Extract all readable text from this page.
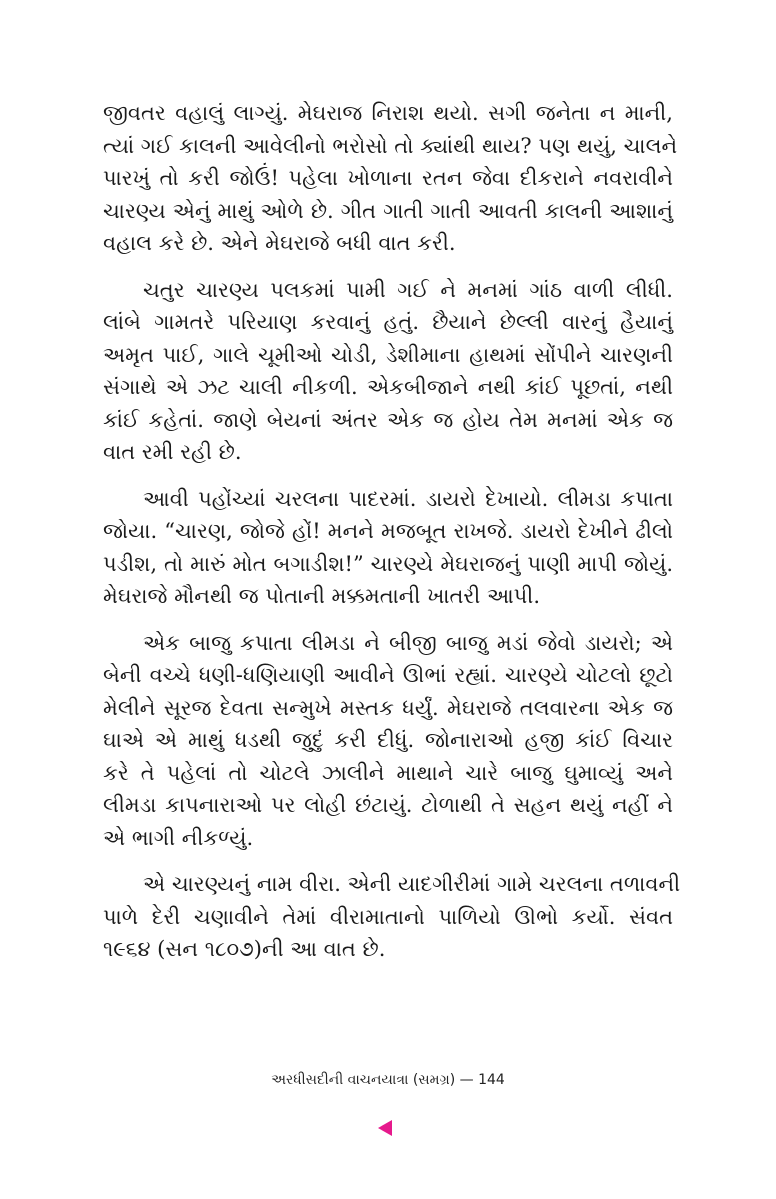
જીવતર વહાલું લાગ્યું. મેઘરાજ નિરાશ થયો. સગી જનેતા ન માની,
ત્યાં ગઈ કાલની આવેલીનો ભરોસો તો ક્યાંથી થાય? પણ થયું, ચાલને
પારખું તો કરી જોઉં! પહેલા ખોળાના રતન જેવા દીકરાને નવરાવીને
ચારણ્ય એનું માથું ઓળે છે. ગીત ગાતી ગાતી આવતી કાલની આશાનું
વહાલ કરે છે. એને મેઘરાજે બધી વાત કરી.
ચતુર ચારણ્ય પલકમાં પામી ગઈ ને મનમાં ગાંઠ વાળી લીધી.
લાંબે ગામતરે પરિયાણ કરવાનું હતું. છૈયાને છેલ્લી વારનું હૈયાનું
અમૃત પાઈ, ગાલે ચૂમીઓ ચોડી, ડેશીમાના હાથમાં સોંપીને ચારણની
સંગાથે એ ઝટ ચાલી નીકળી. એકબીજાને નથી કાંઈ પૂછતાં, નથી
કાંઈ કહેતાં. જાણે બેયનાં અંતર એક જ હોય તેમ મનમાં એક જ
વાત રમી રહી છે.
આવી પહોંચ્યાં ચરલના પાદરમાં. ડાયરો દેખાયો. લીમડા કપાતા
જોયા. “ચારણ, જોજે હોં! મનને મજબૂત રાખજે. ડાયરો દેખીને ઢીલો
પડીશ, તો મારું મોત બગાડીશ!” ચારણ્યે મેઘરાજનું પાણી માપી જોયું.
મેઘરાજે મૌનથી જ પોતાની મક્કમતાની ખાતરી આપી.
એક બાજુ કપાતા લીમડા ને બીજી બાજુ મડાં જેવો ડાયરો; એ
બેની વચ્ચે ધણી-ધણિયાણી આવીને ઊભાં રહ્યાં. ચારણ્યે ચોટલો છૂટો
મેલીને સૂરજ દેવતા સન્મુખે મસ્તક ધર્યું. મેઘરાજે તલવારના એક જ
ઘાએ એ માથું ધડથી જુદું કરી દીધું. જોનારાઓ હજી કાંઈ વિચાર
કરે તે પહેલાં તો ચોટલે ઝાલીને માથાને ચારે બાજુ ઘુમાવ્યું અને
લીમડા કાપનારાઓ પર લોહી છંટાયું. ટોળાથી તે સહન થયું નહીં ને
એ ભાગી નીકળ્યું.
એ ચારણ્યનું નામ વીરા. એની યાદગીરીમાં ગામે ચરલના તળાવની
પાળે દેરી ચણાવીને તેમાં વીરામાતાનો પાળિયો ઊભો કર્યો. સંવત
૧૯૬૪ (સન ૧૮૦૭)ની આ વાત છે.
અરધીસદીની વાચનયાત્રા (સમગ્ર) — 144
